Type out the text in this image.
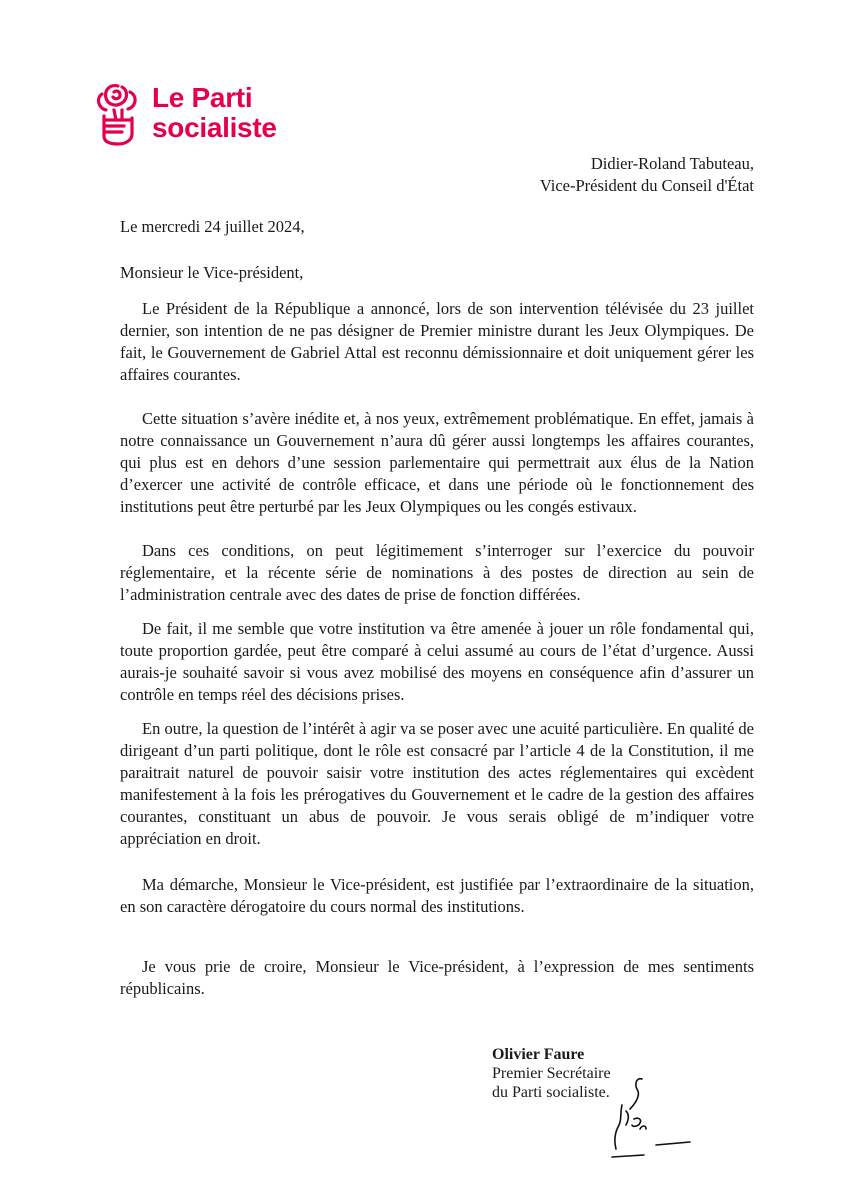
Le Parti
socialiste
Didier-Roland Tabuteau,
Vice-Président du Conseil d'État
Le mercredi 24 juillet 2024,
Monsieur le Vice-président,

Le Président de la République a annoncé, lors de son intervention télévisée du 23 juillet dernier, son intention de ne pas désigner de Premier ministre durant les Jeux Olympiques. De fait, le Gouvernement de Gabriel Attal est reconnu démissionnaire et doit uniquement gérer les affaires courantes.

Cette situation s’avère inédite et, à nos yeux, extrêmement problématique. En effet, jamais à notre connaissance un Gouvernement n’aura dû gérer aussi longtemps les affaires courantes, qui plus est en dehors d’une session parlementaire qui permettrait aux élus de la Nation d’exercer une activité de contrôle efficace, et dans une période où le fonctionnement des institutions peut être perturbé par les Jeux Olympiques ou les congés estivaux.

Dans ces conditions, on peut légitimement s’interroger sur l’exercice du pouvoir réglementaire, et la récente série de nominations à des postes de direction au sein de l’administration centrale avec des dates de prise de fonction différées.

De fait, il me semble que votre institution va être amenée à jouer un rôle fondamental qui, toute proportion gardée, peut être comparé à celui assumé au cours de l’état d’urgence. Aussi aurais-je souhaité savoir si vous avez mobilisé des moyens en conséquence afin d’assurer un contrôle en temps réel des décisions prises.

En outre, la question de l’intérêt à agir va se poser avec une acuité particulière. En qualité de dirigeant d’un parti politique, dont le rôle est consacré par l’article 4 de la Constitution, il me paraitrait naturel de pouvoir saisir votre institution des actes réglementaires qui excèdent manifestement à la fois les prérogatives du Gouvernement et le cadre de la gestion des affaires courantes, constituant un abus de pouvoir. Je vous serais obligé de m’indiquer votre appréciation en droit.

Ma démarche, Monsieur le Vice-président, est justifiée par l’extraordinaire de la situation, en son caractère dérogatoire du cours normal des institutions.

Je vous prie de croire, Monsieur le Vice-président, à l’expression de mes sentiments républicains.

Olivier Faure
Premier Secrétaire
du Parti socialiste.
